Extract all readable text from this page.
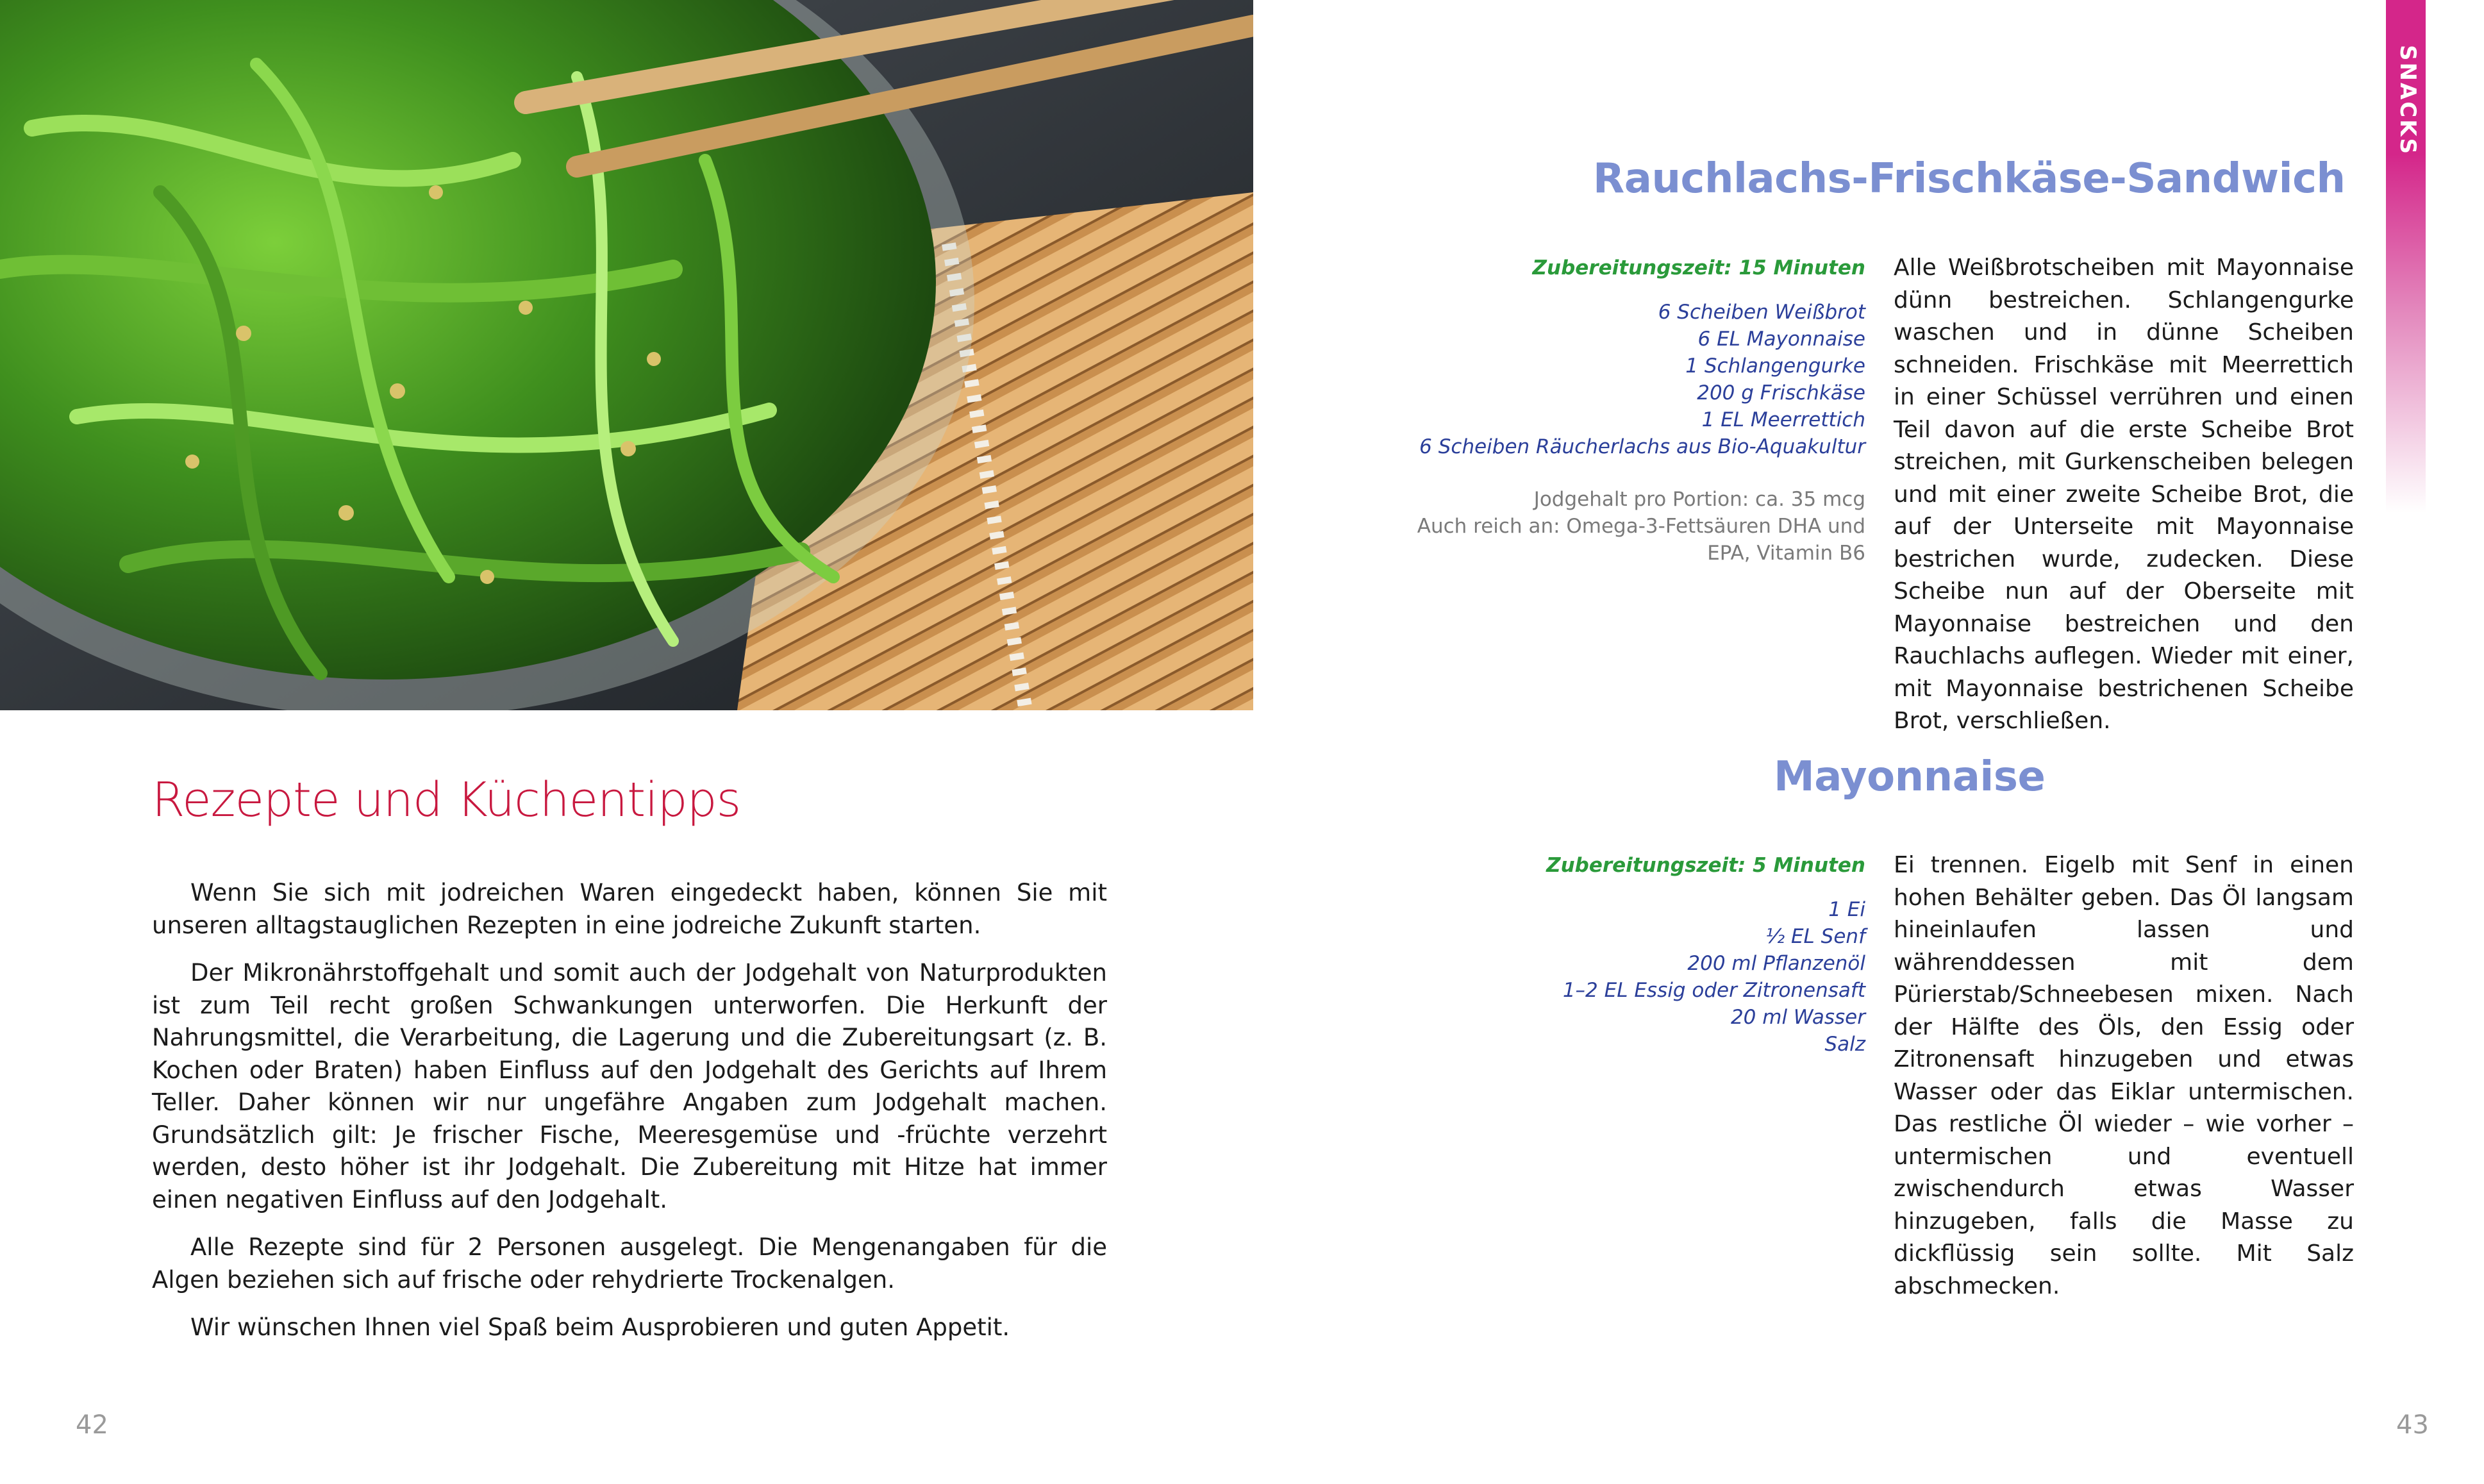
Rezepte und Küchentipps

Wenn Sie sich mit jodreichen Waren eingedeckt haben, können Sie mit unseren alltagstauglichen Rezepten in eine jodreiche Zukunft starten.

Der Mikronährstoffgehalt und somit auch der Jodgehalt von Naturprodukten ist zum Teil recht großen Schwankungen unterworfen. Die Herkunft der Nahrungsmittel, die Verarbeitung, die Lagerung und die Zubereitungsart (z. B. Kochen oder Braten) haben Einfluss auf den Jodgehalt des Gerichts auf Ihrem Teller. Daher können wir nur ungefähre Angaben zum Jodgehalt machen. Grundsätzlich gilt: Je frischer Fische, Meeresgemüse und -früchte verzehrt werden, desto höher ist ihr Jodgehalt. Die Zubereitung mit Hitze hat immer einen negativen Einfluss auf den Jodgehalt.

Alle Rezepte sind für 2 Personen ausgelegt. Die Mengenangaben für die Algen beziehen sich auf frische oder rehydrierte Trockenalgen.

Wir wünschen Ihnen viel Spaß beim Ausprobieren und guten Appetit.

42
SNACKS
Rauchlachs-Frischkäse-Sandwich
Zubereitungszeit: 15 Minuten
6 Scheiben Weißbrot
6 EL Mayonnaise
1 Schlangengurke
200 g Frischkäse
1 EL Meerrettich
6 Scheiben Räucherlachs aus Bio-Aquakultur
Jodgehalt pro Portion: ca. 35 mcg
Auch reich an: Omega-3-Fettsäuren DHA und
EPA, Vitamin B6

Alle Weißbrotscheiben mit Mayonnaise dünn bestreichen. Schlangengurke waschen und in dünne Scheiben schneiden. Frischkäse mit Meerrettich in einer Schüssel verrühren und einen Teil davon auf die erste Scheibe Brot streichen, mit Gurkenscheiben belegen und mit einer zweite Scheibe Brot, die auf der Unterseite mit Mayonnaise bestrichen wurde, zudecken. Diese Scheibe nun auf der Oberseite mit Mayonnaise bestreichen und den Rauchlachs auflegen. Wieder mit einer, mit Mayonnaise bestrichenen Scheibe Brot, verschließen.

Mayonnaise
Zubereitungszeit: 5 Minuten
1 Ei
½ EL Senf
200 ml Pflanzenöl
1–2 EL Essig oder Zitronensaft
20 ml Wasser
Salz

Ei trennen. Eigelb mit Senf in einen hohen Behälter geben. Das Öl langsam hineinlaufen lassen und währenddessen mit dem Pürierstab/Schneebesen mixen. Nach der Hälfte des Öls, den Essig oder Zitronensaft hinzugeben und etwas Wasser oder das Eiklar untermischen. Das restliche Öl wieder – wie vorher – untermischen und eventuell zwischendurch etwas Wasser hinzugeben, falls die Masse zu dickflüssig sein sollte. Mit Salz abschmecken.

43
